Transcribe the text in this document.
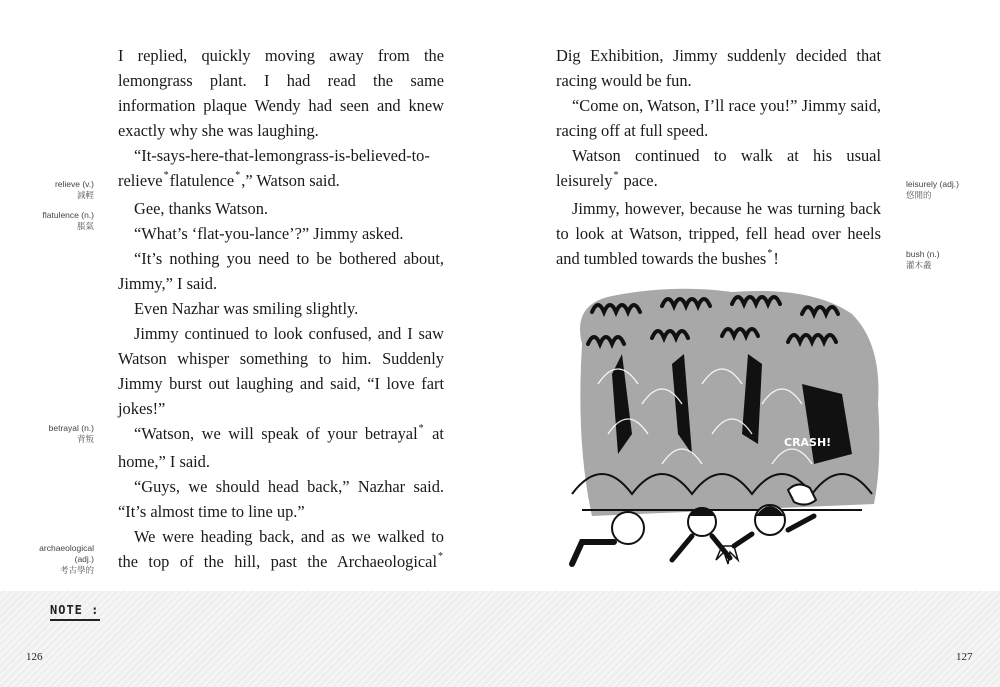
I replied, quickly moving away from the lemongrass plant. I had read the same information plaque Wendy had seen and knew exactly why she was laughing.

“It-says-here-that-lemongrass-is-believed-to-relieve*flatulence*,” Watson said.

Gee, thanks Watson.

“What’s ‘flat-you-lance’?” Jimmy asked.

“It’s nothing you need to be bothered about, Jimmy,” I said.

Even Nazhar was smiling slightly.

Jimmy continued to look confused, and I saw Watson whisper something to him. Suddenly Jimmy burst out laughing and said, “I love fart jokes!”

“Watson, we will speak of your betrayal* at home,” I said.

“Guys, we should head back,” Nazhar said. “It’s almost time to line up.”

We were heading back, and as we walked to the top of the hill, past the Archaeological*

relieve (v.)
減輕
flatulence (n.)
脹氣
betrayal (n.)
背叛
archaeological (adj.)
考古學的

Dig Exhibition, Jimmy suddenly decided that racing would be fun.

“Come on, Watson, I’ll race you!” Jimmy said, racing off at full speed.

Watson continued to walk at his usual leisurely* pace.

Jimmy, however, because he was turning back to look at Watson, tripped, fell head over heels and tumbled towards the bushes*!

leisurely (adj.)
悠閒的
bush (n.)
灌木叢
CRASH!
NOTE :
126	127
